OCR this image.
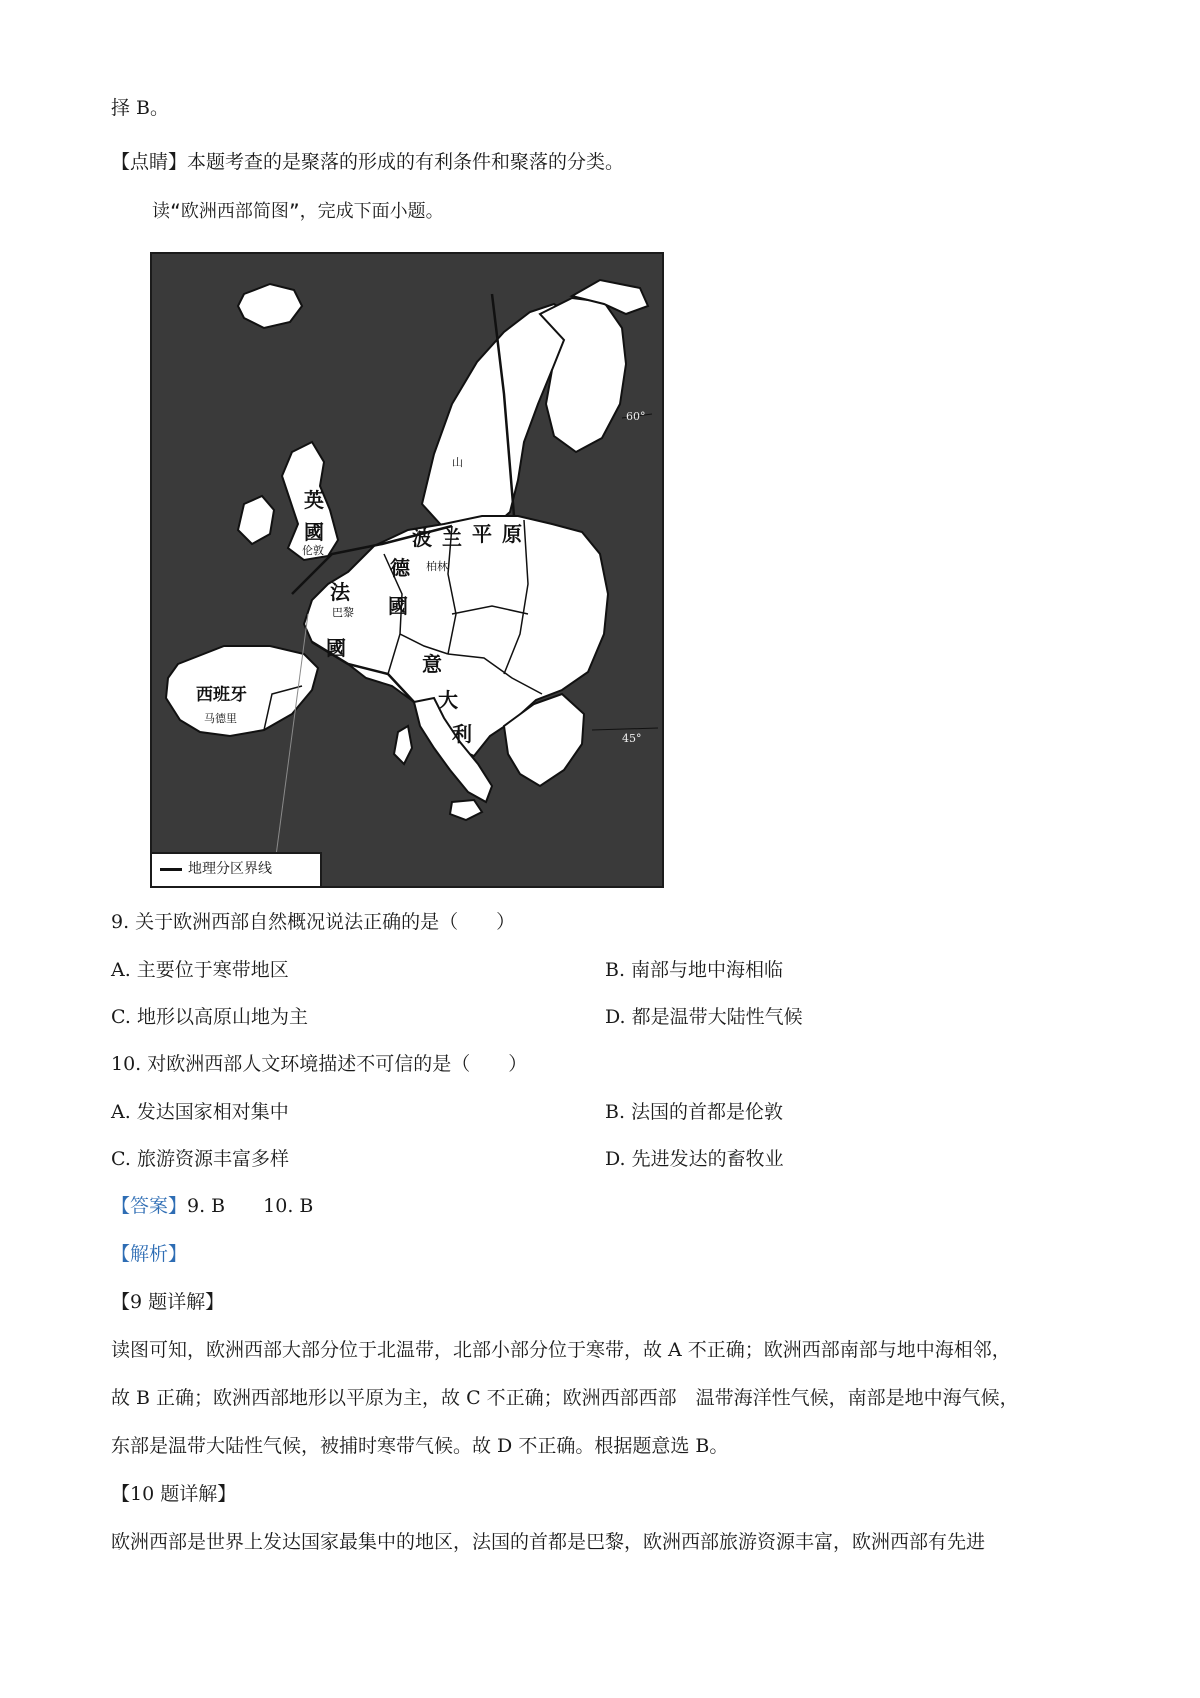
择 B。
【点睛】本题考查的是聚落的形成的有利条件和聚落的分类。
读“欧洲西部简图”，完成下面小题。
英
國
伦敦
法
巴黎
國
德 柏林
國
波 兰 平 原
西班牙
马德里
意
大
利
山
60°
45°
地理分区界线
9. 关于欧洲西部自然概况说法正确的是（　　）
A. 主要位于寒带地区	B. 南部与地中海相临
C. 地形以高原山地为主	D. 都是温带大陆性气候
10. 对欧洲西部人文环境描述不可信的是（　　）
A. 发达国家相对集中	B. 法国的首都是伦敦
C. 旅游资源丰富多样	D. 先进发达的畜牧业
【答案】9. B　　10. B
【解析】
【9 题详解】
读图可知，欧洲西部大部分位于北温带，北部小部分位于寒带，故 A 不正确；欧洲西部南部与地中海相邻，
故 B 正确；欧洲西部地形以平原为主，故 C 不正确；欧洲西部西部　温带海洋性气候，南部是地中海气候，
东部是温带大陆性气候，被捕时寒带气候。故 D 不正确。根据题意选 B。
【10 题详解】
欧洲西部是世界上发达国家最集中的地区，法国的首都是巴黎，欧洲西部旅游资源丰富，欧洲西部有先进
